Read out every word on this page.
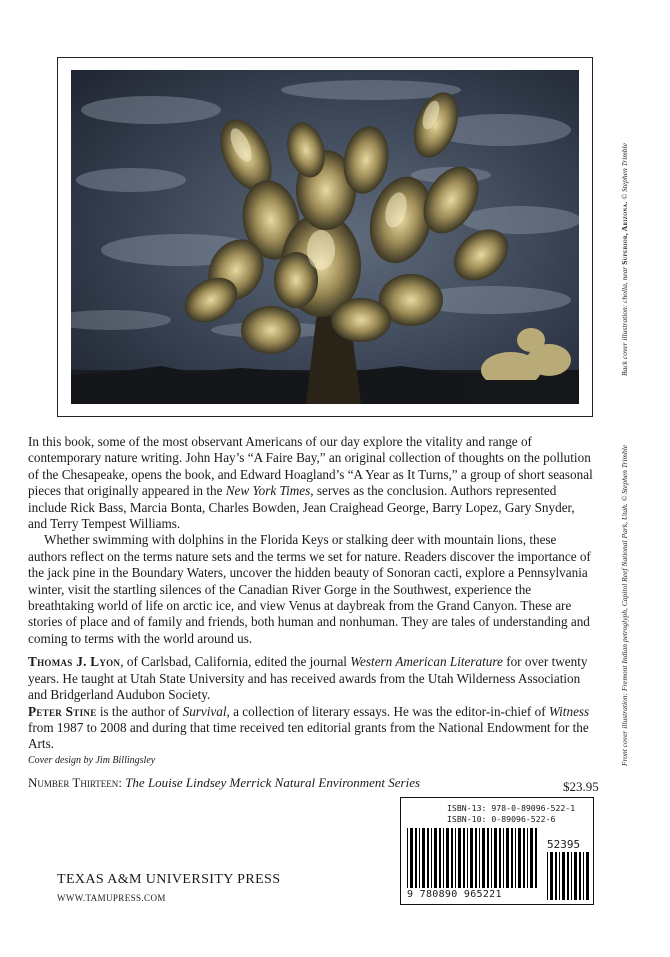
Back cover illustration: cholla, near Superior, Arizona. © Stephen Trimble
Front cover illustration: Fremont Indian petroglyph, Capitol Reef National Park, Utah. © Stephen Trimble

In this book, some of the most observant Americans of our day explore the vitality and range of contemporary nature writing. John Hay’s “A Faire Bay,” an original collection of thoughts on the pollution of the Chesapeake, opens the book, and Edward Hoagland’s “A Year as It Turns,” a group of short seasonal pieces that originally appeared in the New York Times, serves as the conclusion. Authors represented include Rick Bass, Marcia Bonta, Charles Bowden, Jean Craighead George, Barry Lopez, Gary Snyder, and Terry Tempest Williams.

Whether swimming with dolphins in the Florida Keys or stalking deer with mountain lions, these authors reflect on the terms nature sets and the terms we set for nature. Readers discover the importance of the jack pine in the Boundary Waters, uncover the hidden beauty of Sonoran cacti, explore a Pennsylvania winter, visit the startling silences of the Canadian River Gorge in the Southwest, experience the breathtaking world of life on arctic ice, and view Venus at daybreak from the Grand Canyon. These are stories of place and of family and friends, both human and nonhuman. They are tales of understanding and coming to terms with the world around us.

Thomas J. Lyon, of Carlsbad, California, edited the journal Western American Literature for over twenty years. He taught at Utah State University and has received awards from the Utah Wilderness Association and Bridgerland Audubon Society.

Peter Stine is the author of Survival, a collection of literary essays. He was the editor-in-chief of Witness from 1987 to 2008 and during that time received ten editorial grants from the National Endowment for the Arts.

Cover design by Jim Billingsley
Number Thirteen: The Louise Lindsey Merrick Natural Environment Series	$23.95
ISBN-13: 978-0-89096-522-1
ISBN-10: 0-89096-522-6
52395
9 780890 965221
TEXAS A&M UNIVERSITY PRESS
WWW.TAMUPRESS.COM
